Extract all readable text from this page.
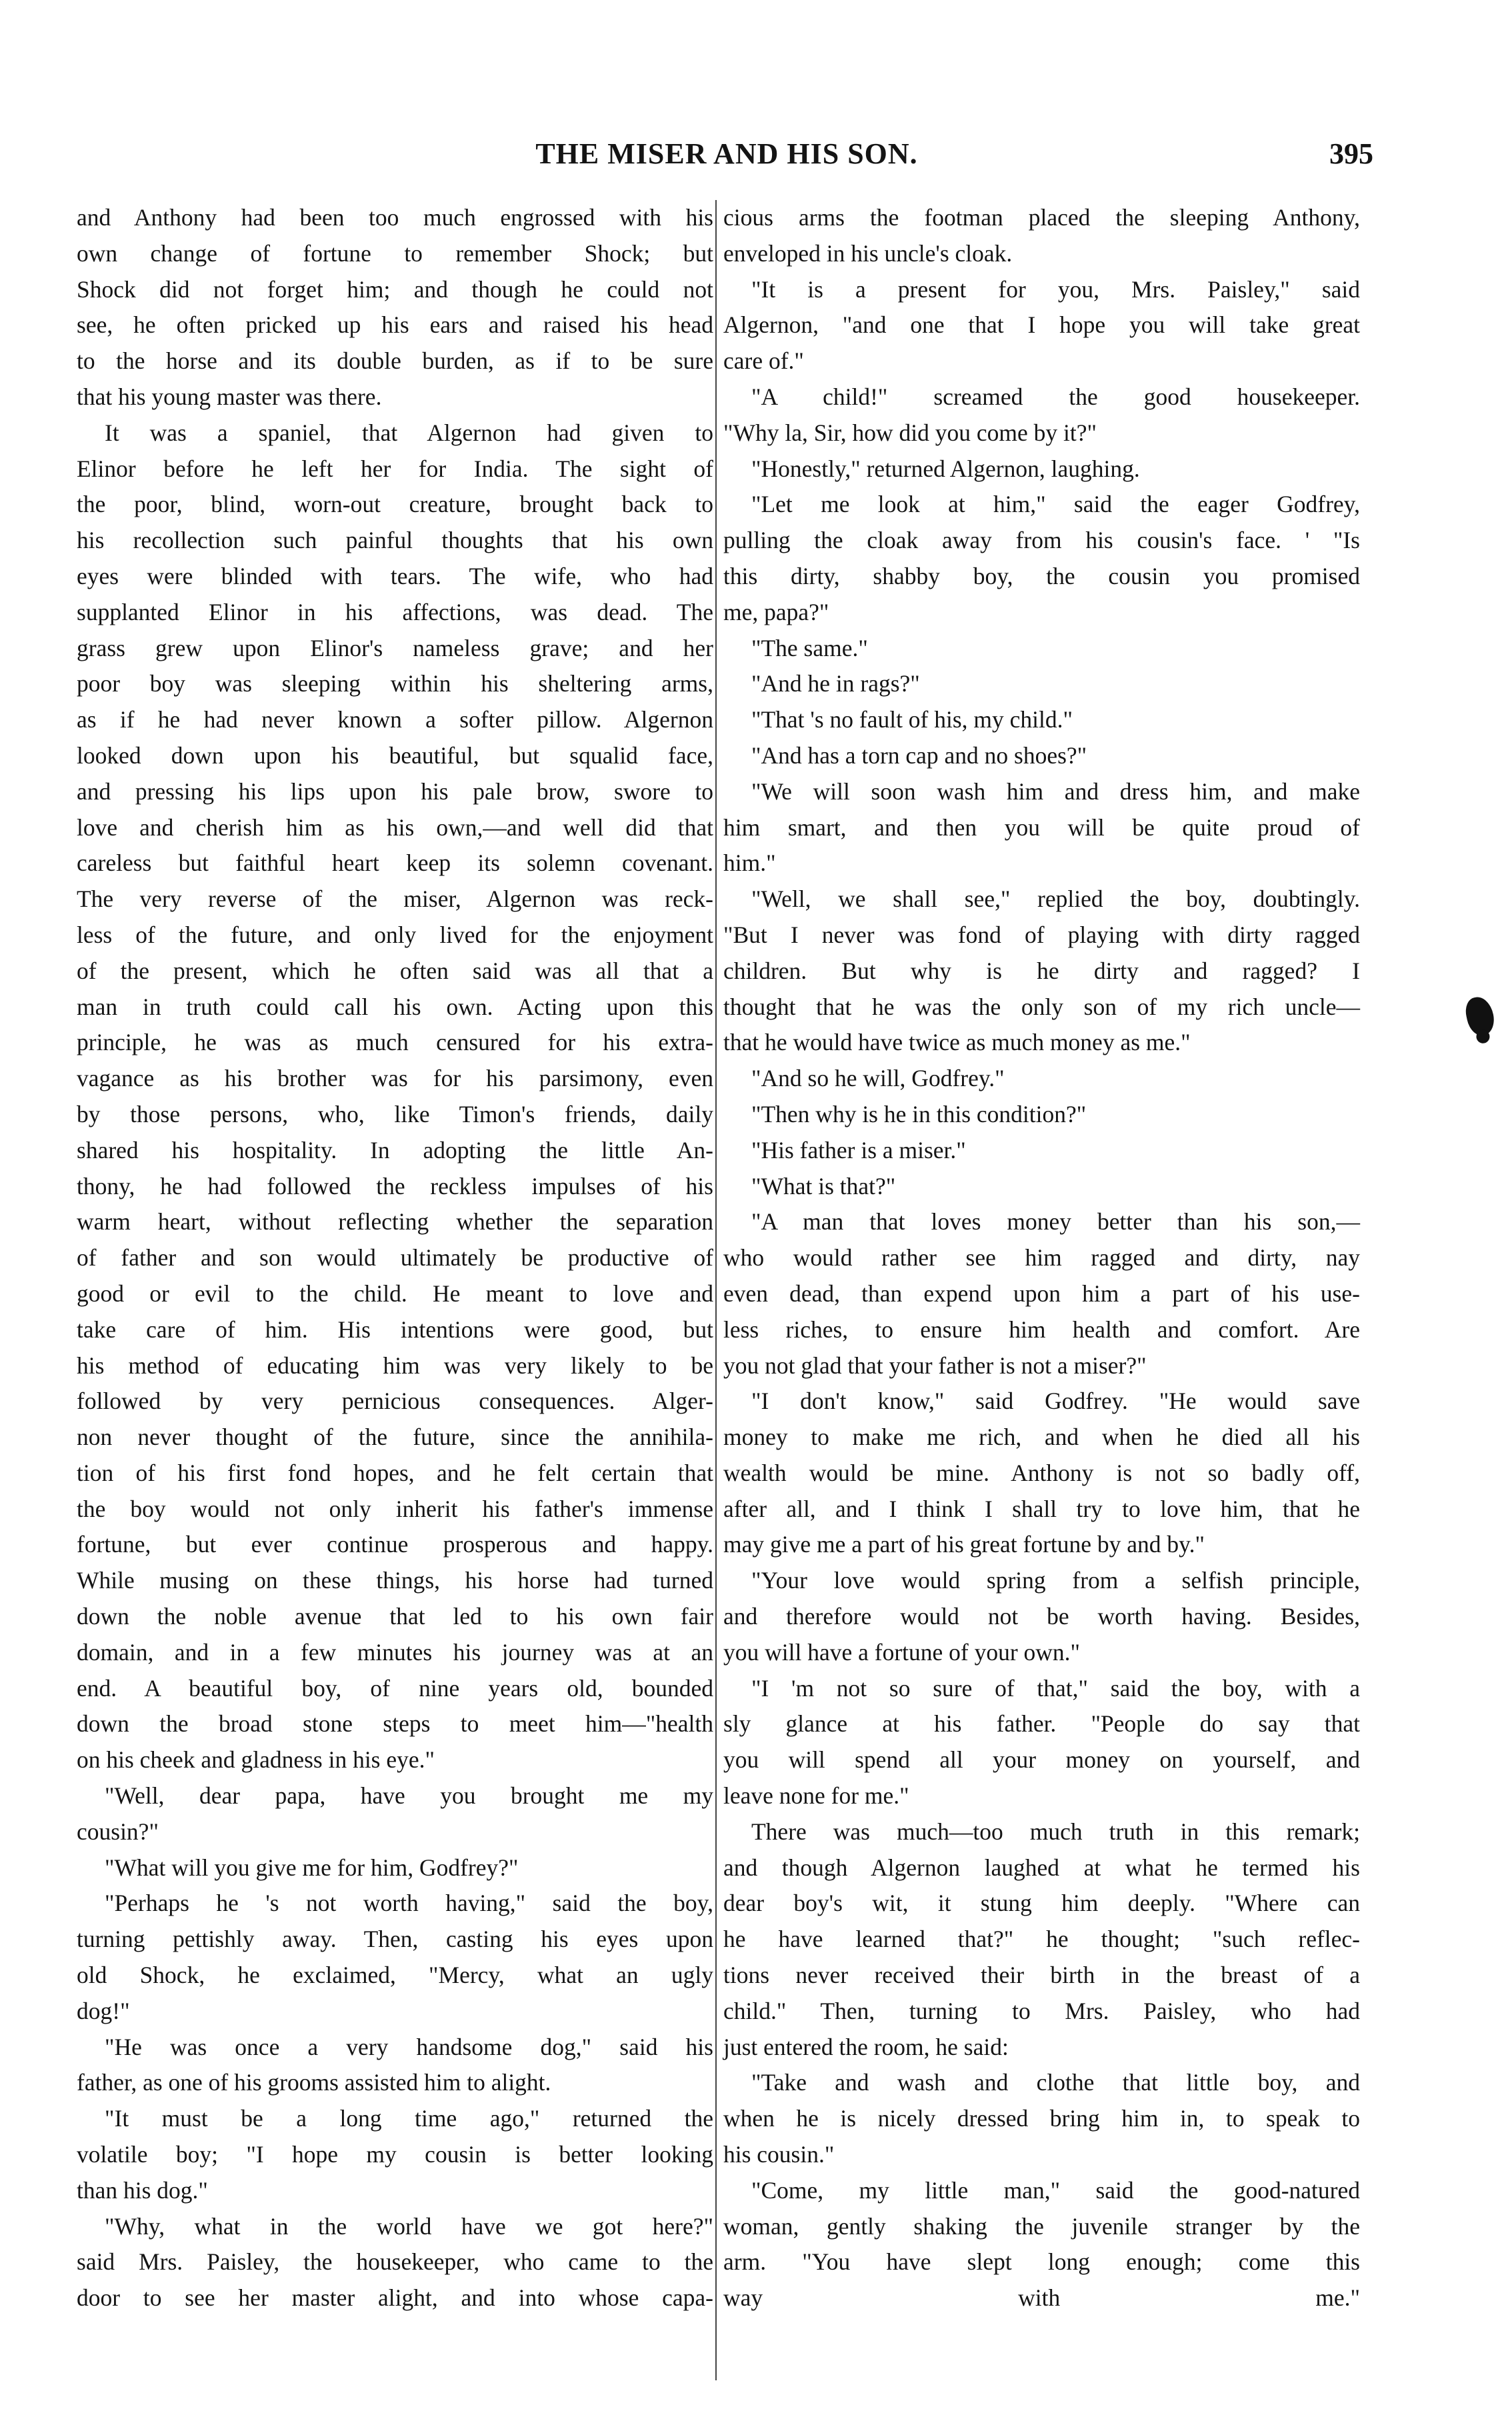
THE MISER AND HIS SON.	395

and Anthony had been too much engrossed with his

own change of fortune to remember Shock; but

Shock did not forget him; and though he could not

see, he often pricked up his ears and raised his head

to the horse and its double burden, as if to be sure

that his young master was there.

It was a spaniel, that Algernon had given to

Elinor before he left her for India. The sight of

the poor, blind, worn-out creature, brought back to

his recollection such painful thoughts that his own

eyes were blinded with tears. The wife, who had

supplanted Elinor in his affections, was dead. The

grass grew upon Elinor's nameless grave; and her

poor boy was sleeping within his sheltering arms,

as if he had never known a softer pillow. Algernon

looked down upon his beautiful, but squalid face,

and pressing his lips upon his pale brow, swore to

love and cherish him as his own,—and well did that

careless but faithful heart keep its solemn covenant.

The very reverse of the miser, Algernon was reck-

less of the future, and only lived for the enjoyment

of the present, which he often said was all that a

man in truth could call his own. Acting upon this

principle, he was as much censured for his extra-

vagance as his brother was for his parsimony, even

by those persons, who, like Timon's friends, daily

shared his hospitality. In adopting the little An-

thony, he had followed the reckless impulses of his

warm heart, without reflecting whether the separation

of father and son would ultimately be productive of

good or evil to the child. He meant to love and

take care of him. His intentions were good, but

his method of educating him was very likely to be

followed by very pernicious consequences. Alger-

non never thought of the future, since the annihila-

tion of his first fond hopes, and he felt certain that

the boy would not only inherit his father's immense

fortune, but ever continue prosperous and happy.

While musing on these things, his horse had turned

down the noble avenue that led to his own fair

domain, and in a few minutes his journey was at an

end. A beautiful boy, of nine years old, bounded

down the broad stone steps to meet him—"health

on his cheek and gladness in his eye."

"Well, dear papa, have you brought me my

cousin?"

"What will you give me for him, Godfrey?"

"Perhaps he 's not worth having," said the boy,

turning pettishly away. Then, casting his eyes upon

old Shock, he exclaimed, "Mercy, what an ugly

dog!"

"He was once a very handsome dog," said his

father, as one of his grooms assisted him to alight.

"It must be a long time ago," returned the

volatile boy; "I hope my cousin is better looking

than his dog."

"Why, what in the world have we got here?"

said Mrs. Paisley, the housekeeper, who came to the

door to see her master alight, and into whose capa-

cious arms the footman placed the sleeping Anthony,

enveloped in his uncle's cloak.

"It is a present for you, Mrs. Paisley," said

Algernon, "and one that I hope you will take great

care of."

"A child!" screamed the good housekeeper.

"Why la, Sir, how did you come by it?"

"Honestly," returned Algernon, laughing.

"Let me look at him," said the eager Godfrey,

pulling the cloak away from his cousin's face. ' "Is

this dirty, shabby boy, the cousin you promised

me, papa?"

"The same."

"And he in rags?"

"That 's no fault of his, my child."

"And has a torn cap and no shoes?"

"We will soon wash him and dress him, and make

him smart, and then you will be quite proud of

him."

"Well, we shall see," replied the boy, doubtingly.

"But I never was fond of playing with dirty ragged

children. But why is he dirty and ragged? I

thought that he was the only son of my rich uncle—

that he would have twice as much money as me."

"And so he will, Godfrey."

"Then why is he in this condition?"

"His father is a miser."

"What is that?"

"A man that loves money better than his son,—

who would rather see him ragged and dirty, nay

even dead, than expend upon him a part of his use-

less riches, to ensure him health and comfort. Are

you not glad that your father is not a miser?"

"I don't know," said Godfrey. "He would save

money to make me rich, and when he died all his

wealth would be mine. Anthony is not so badly off,

after all, and I think I shall try to love him, that he

may give me a part of his great fortune by and by."

"Your love would spring from a selfish principle,

and therefore would not be worth having. Besides,

you will have a fortune of your own."

"I 'm not so sure of that," said the boy, with a

sly glance at his father. "People do say that

you will spend all your money on yourself, and

leave none for me."

There was much—too much truth in this remark;

and though Algernon laughed at what he termed his

dear boy's wit, it stung him deeply. "Where can

he have learned that?" he thought; "such reflec-

tions never received their birth in the breast of a

child." Then, turning to Mrs. Paisley, who had

just entered the room, he said:

"Take and wash and clothe that little boy, and

when he is nicely dressed bring him in, to speak to

his cousin."

"Come, my little man," said the good-natured

woman, gently shaking the juvenile stranger by the

arm. "You have slept long enough; come this

way with me."
